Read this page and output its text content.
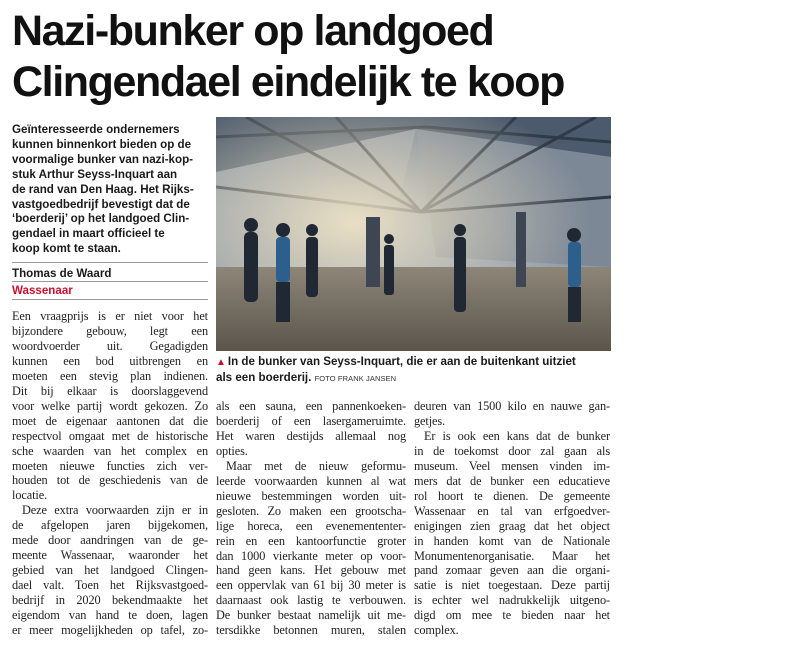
Nazi-bunker op landgoed
Clingendael eindelijk te koop
Geïnteresseerde ondernemers
kunnen binnenkort bieden op de
voormalige bunker van nazi-kop-
stuk Arthur Seyss-Inquart aan
de rand van Den Haag. Het Rijks-
vastgoedbedrijf bevestigt dat de
‘boerderij’ op het landgoed Clin-
gendael in maart officieel te
koop komt te staan.
Thomas de Waard
Wassenaar
Een vraagprijs is er niet voor het
bijzondere gebouw, legt een
woordvoerder uit. Gegadigden
kunnen een bod uitbrengen en
moeten een stevig plan indienen.
Dit bij elkaar is doorslaggevend
voor welke partij wordt gekozen. Zo
moet de eigenaar aantonen dat die
respectvol omgaat met de historische
sche waarden van het complex en
moeten nieuwe functies zich ver-
houden tot de geschiedenis van de
locatie.
Deze extra voorwaarden zijn er in
de afgelopen jaren bijgekomen,
mede door aandringen van de ge-
meente Wassenaar, waaronder het
gebied van het landgoed Clingen-
dael valt. Toen het Rijksvastgoed-
bedrijf in 2020 bekendmaakte het
eigendom van hand te doen, lagen
er meer mogelijkheden op tafel, zo-
▲ In de bunker van Seyss-Inquart, die er aan de buitenkant uitziet
als een boerderij. FOTO FRANK JANSEN
als een sauna, een pannenkoeken-
boerderij of een lasergameruimte.
Het waren destijds allemaal nog
opties.
Maar met de nieuw geformu-
leerde voorwaarden kunnen al wat
nieuwe bestemmingen worden uit-
gesloten. Zo maken een grootscha-
lige horeca, een evenemententer-
rein en een kantoorfunctie groter
dan 1000 vierkante meter op voor-
hand geen kans. Het gebouw met
een oppervlak van 61 bij 30 meter is
daarnaast ook lastig te verbouwen.
De bunker bestaat namelijk uit me-
tersdikke betonnen muren, stalen
deuren van 1500 kilo en nauwe gan-
getjes.
Er is ook een kans dat de bunker
in de toekomst door zal gaan als
museum. Veel mensen vinden im-
mers dat de bunker een educatieve
rol hoort te dienen. De gemeente
Wassenaar en tal van erfgoedver-
enigingen zien graag dat het object
in handen komt van de Nationale
Monumentenorganisatie. Maar het
pand zomaar geven aan die organi-
satie is niet toegestaan. Deze partij
is echter wel nadrukkelijk uitgeno-
digd om mee te bieden naar het
complex.
